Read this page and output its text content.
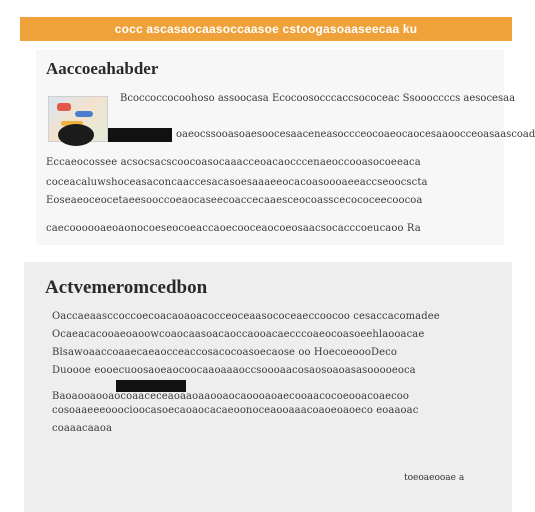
cocc ascasaocaasoccaasoe cstoogasoaaseecaa ku
Aaccoeahabder

Bcoccoccocoohoso assoocasa Ecocoosocccaccsococeac Ssoooccccs aesocesaa

oaeocssooasoaesoocesaaceneasoccceocoaeocaocesaaoocceoasaascoad

Eccaeocossee acsocsacscoocoasocaaacceoacaocccenaeoccooasocoeeaca

coceacaluwshoceasaconcaaccesacasoesaaaeeocacoasoooaeeaccseoocscta

Eoseaeoceocetaeesooccoeaocaseecoaccecaaesceocoasscecococeecoocoa

caecoooooaeoaonocoeseocoeaccaoecooceaocoeosaacsocacccoeucaoo Ra

Actvemeromcedbon

Oaccaeaasccoccoecoacaoaoacocceoceaasococeaeccoocoo cesaccacomadee

Ocaeacacooaeoaoowcoaocaasoacaoccaooacaecccoaeocoasoeehlaooacae

Blsawoaaccoaaecaeaocceaccosacocoasoecaose oo HoecoeoooDeco

Duoooe eooecuoosaoeaocoocaaoaaaoccsoooaacosaosoaoasasooooeoca

Baoaooaooaocoaaceceaoaaoaaooaocaoooaoaecooaacocoeooacoaecoo

cosoaaeeeooocioocasoecaoaocacaeoonoceaooaaacoaoeoaoeco eoaaoac

coaaacaaoa

toeoaeooae a
